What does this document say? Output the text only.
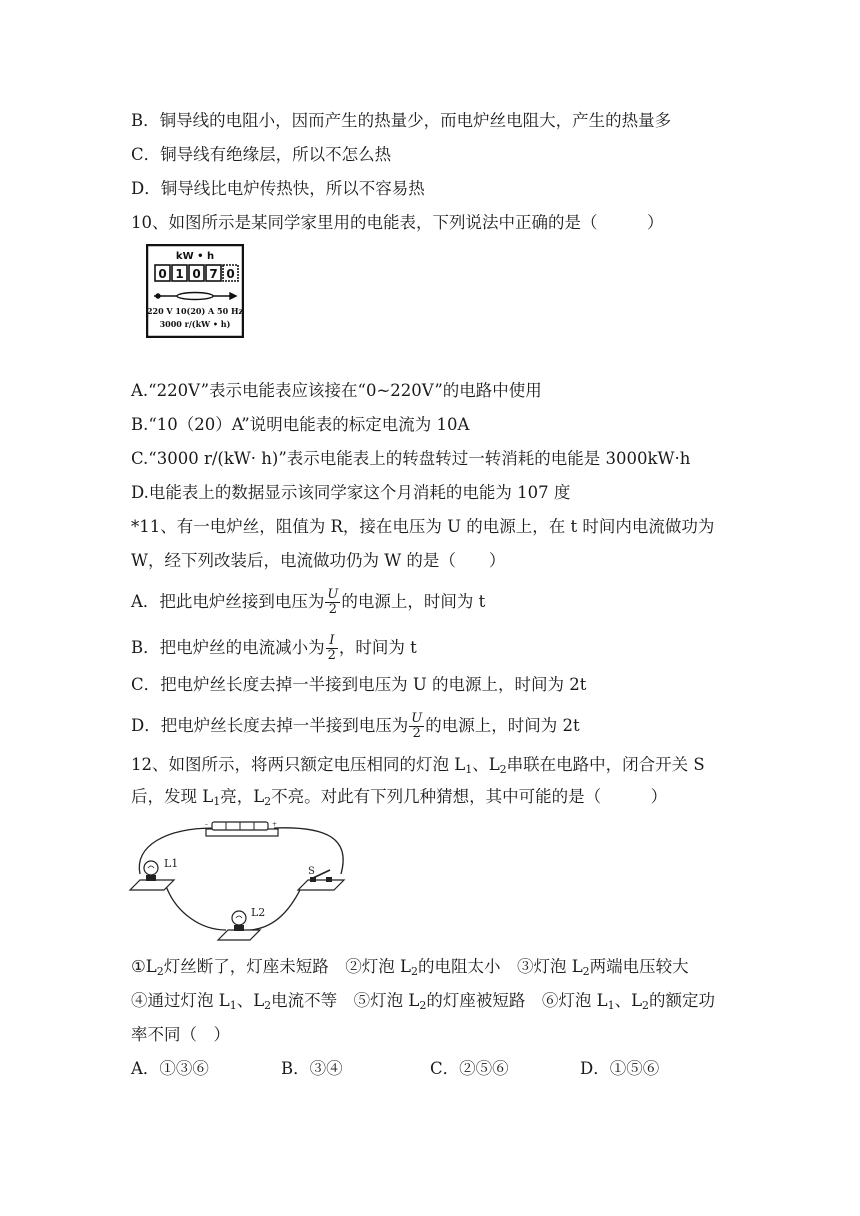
B．铜导线的电阻小，因而产生的热量少，而电炉丝电阻大，产生的热量多
C．铜导线有绝缘层，所以不怎么热
D．铜导线比电炉传热快，所以不容易热
10、如图所示是某同学家里用的电能表，下列说法中正确的是（　　　）
kW • h
0 1 0 7 0
220 V 10(20) A 50 Hz
3000 r/(kW • h)
A.“220V”表示电能表应该接在“0~220V”的电路中使用
B.“10（20）A”说明电能表的标定电流为 10A
C.“3000 r/(kW· h)”表示电能表上的转盘转过一转消耗的电能是 3000kW·h
D.电能表上的数据显示该同学家这个月消耗的电能为 107 度
*11、有一电炉丝，阻值为 R，接在电压为 U 的电源上，在 t 时间内电流做功为
W，经下列改装后，电流做功仍为 W 的是（　　）
A．把此电炉丝接到电压为 $\frac{U}{2}$ 的电源上，时间为 t
B．把电炉丝的电流减小为 $\frac{I}{2}$ ，时间为 t
C．把电炉丝长度去掉一半接到电压为 U 的电源上，时间为 2t
D．把电炉丝长度去掉一半接到电压为 $\frac{U}{2}$ 的电源上，时间为 2t
12、如图所示，将两只额定电压相同的灯泡 $L_1$、$L_2$串联在电路中，闭合开关 S
后，发现 $L_1$亮，$L_2$不亮。对此有下列几种猜想，其中可能的是（　　　）
–	+
L1
S
L2
$①L_2$灯丝断了，灯座未短路　②灯泡 $L_2$的电阻太小　③灯泡 $L_2$两端电压较大
④通过灯泡 $L_1$、$L_2$电流不等　⑤灯泡 $L_2$的灯座被短路　⑥灯泡 $L_1$、$L_2$的额定功
率不同（　）
A．①③⑥	B．③④	C．②⑤⑥	D．①⑤⑥
